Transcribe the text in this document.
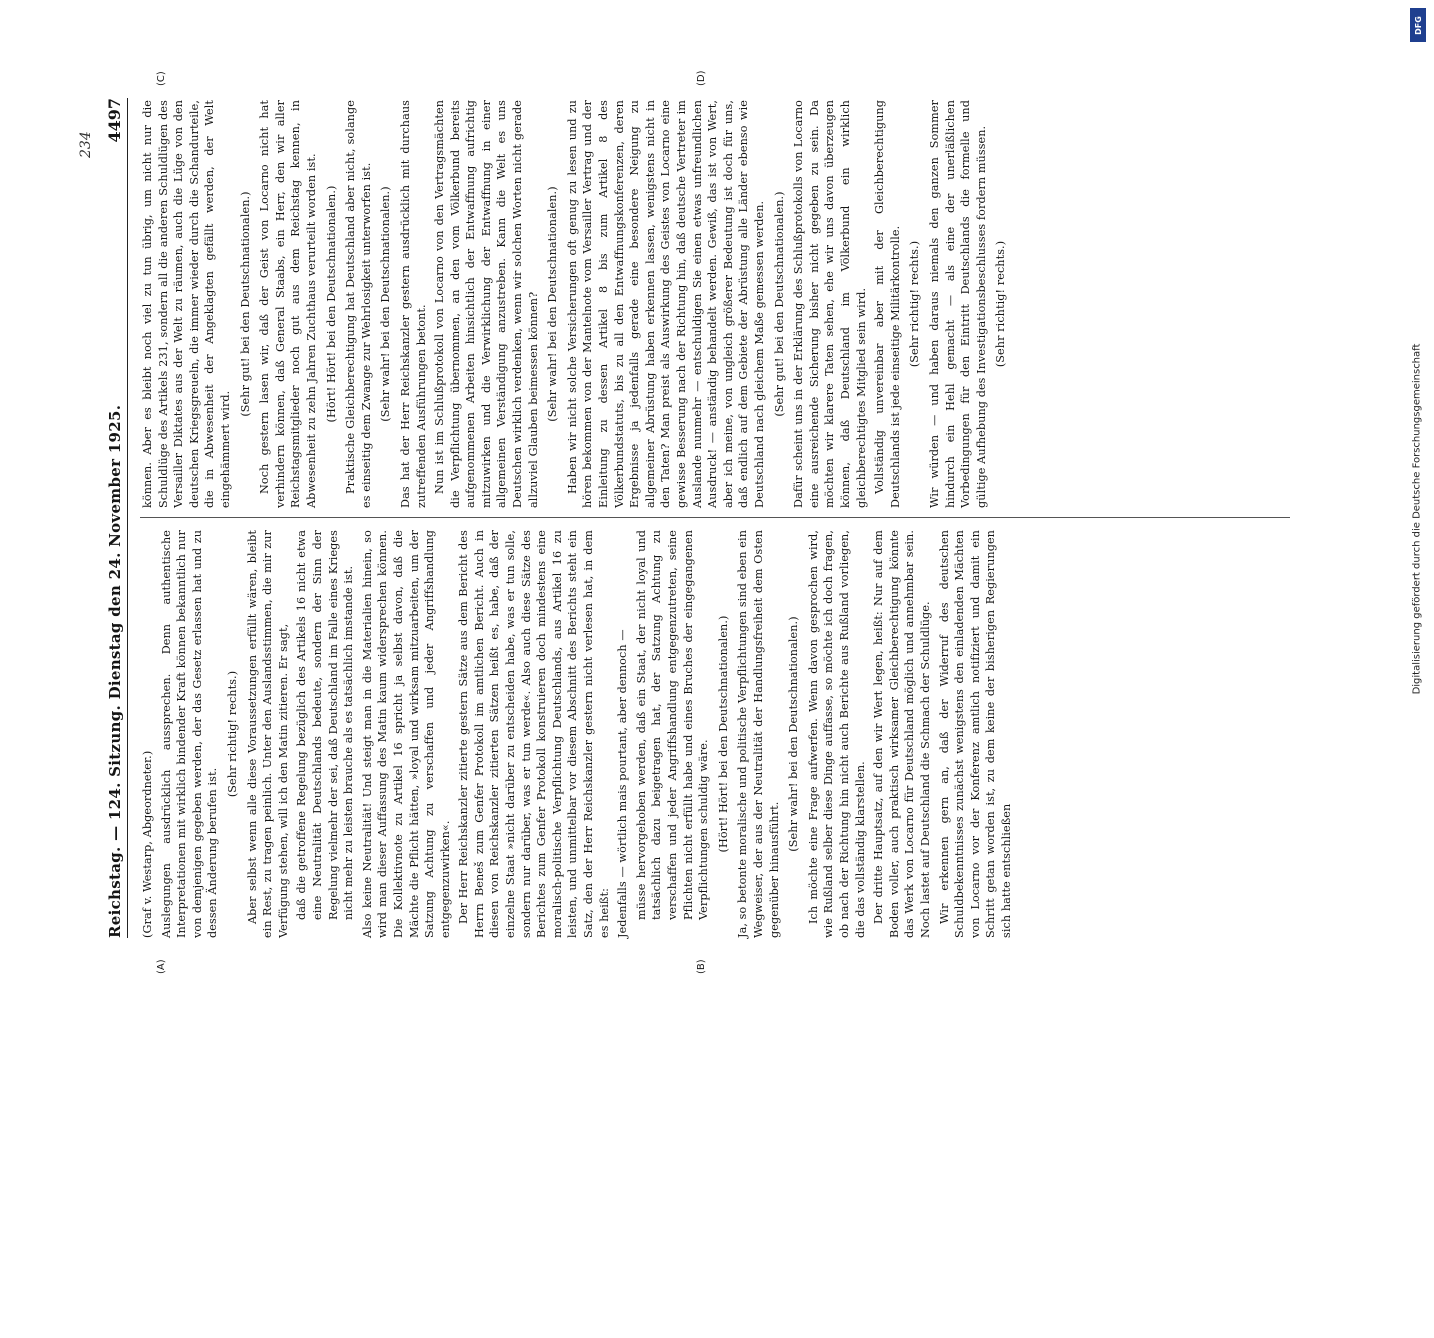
Reichstag. — 124. Sitzung. Dienstag den 24. November 1925.
4497
234
(A)	(B)
(C)	(D)

(Graf v. Westarp, Abgeordneter.) Auslegungen ausdrücklich aussprechen. Denn authentische Interpretationen mit wirklich bindender Kraft können bekanntlich nur von demjenigen gegeben werden, der das Gesetz erlassen hat und zu dessen Änderung berufen ist.

(Sehr richtig! rechts.) Aber selbst wenn alle diese Voraussetzungen erfüllt wären, bleibt ein Rest, zu tragen peinlich. Unter den Auslandsstimmen, die mir zur Verfügung stehen, will ich den Matin zitieren. Er sagt, daß die getroffene Regelung bezüglich des Artikels 16 nicht etwa eine Neutralität Deutschlands bedeute, sondern der Sinn der Regelung vielmehr der sei, daß Deutschland im Falle eines Krieges nicht mehr zu leisten brauche als es tatsächlich imstande ist. Also keine Neutralität! Und steigt man in die Materialien hinein, so wird man dieser Auffassung des Matin kaum widersprechen können. Die Kollektivnote zu Artikel 16 spricht ja selbst davon, daß die Mächte die Pflicht hätten, »loyal und wirksam mitzuarbeiten, um der Satzung Achtung zu verschaffen und jeder Angriffshandlung entgegenzuwirken«. Der Herr Reichskanzler zitierte gestern Sätze aus dem Bericht des Herrn Beneš zum Genfer Protokoll im amtlichen Bericht. Auch in diesen von Reichskanzler zitierten Sätzen heißt es, habe, daß der einzelne Staat »nicht darüber zu entscheiden habe, was er tun solle, sondern nur darüber, was er tun werde«. Also auch diese Sätze des Berichtes zum Genfer Protokoll konstruieren doch mindestens eine moralisch-politische Verpflichtung Deutschlands, aus Artikel 16 zu leisten, und unmittelbar vor diesem Abschnitt des Berichts steht ein Satz, den der Herr Reichskanzler gestern nicht verlesen hat, in dem es heißt: Jedenfalls — wörtlich mais pourtant, aber dennoch — müsse hervorgehoben werden, daß ein Staat, der nicht loyal und tatsächlich dazu beigetragen hat, der Satzung Achtung zu verschaffen und jeder Angriffshandlung entgegenzutreten, seine Pflichten nicht erfüllt habe und eines Bruches der eingegangenen Verpflichtungen schuldig wäre. (Hört! Hört! bei den Deutschnationalen.) Ja, so betonte moralische und politische Verpflichtungen sind eben ein Wegweiser, der aus der Neutralität der Handlungsfreiheit dem Osten gegenüber hinausführt.

(Sehr wahr! bei den Deutschnationalen.) Ich möchte eine Frage aufwerfen. Wenn davon gesprochen wird, wie Rußland selber diese Dinge auffasse, so möchte ich doch fragen, ob nach der Richtung hin nicht auch Berichte aus Rußland vorliegen, die das vollständig klarstellen. Der dritte Hauptsatz, auf den wir Wert legen, heißt: Nur auf dem Boden voller, auch praktisch wirksamer Gleichberechtigung könnte das Werk von Locarno für Deutschland möglich und annehmbar sein. Noch lastet auf Deutschland die Schmach der Schuldlüge. Wir erkennen gern an, daß der Widerruf des deutschen Schuldbekenntnisses zunächst wenigstens den einladenden Mächten von Locarno vor der Konferenz amtlich notifiziert und damit ein Schritt getan worden ist, zu dem keine der bisherigen Regierungen sich hatte entschließen

können. Aber es bleibt noch viel zu tun übrig, um nicht nur die Schuldlüge des Artikels 231, sondern all die anderen Schuldlügen des Versailler Diktates aus der Welt zu räumen, auch die Lüge von den deutschen Kriegsgreueln, die immer wieder durch die Schandurteile, die in Abwesenheit der Angeklagten gefällt werden, der Welt eingehämmert wird.

(Sehr gut! bei den Deutschnationalen.) Noch gestern lasen wir, daß der Geist von Locarno nicht hat verhindern können, daß General Staabs, ein Herr, den wir aller Reichstagsmitglieder noch gut aus dem Reichstag kennen, in Abwesenheit zu zehn Jahren Zuchthaus verurteilt worden ist. (Hört! Hört! bei den Deutschnationalen.) Praktische Gleichberechtigung hat Deutschland aber nicht, solange es einseitig dem Zwange zur Wehrlosigkeit unterworfen ist. (Sehr wahr! bei den Deutschnationalen.) Das hat der Herr Reichskanzler gestern ausdrücklich mit durchaus zutreffenden Ausführungen betont. Nun ist im Schlußprotokoll von Locarno von den Vertragsmächten die Verpflichtung übernommen, an den vom Völkerbund bereits aufgenommenen Arbeiten hinsichtlich der Entwaffnung aufrichtig mitzuwirken und die Verwirklichung der Entwaffnung in einer allgemeinen Verständigung anzustreben. Kann die Welt es uns Deutschen wirklich verdenken, wenn wir solchen Worten nicht gerade allzuviel Glauben beimessen können? (Sehr wahr! bei den Deutschnationalen.) Haben wir nicht solche Versicherungen oft genug zu lesen und zu hören bekommen von der Mantelnote vom Versailler Vertrag und der Einleitung zu dessen Artikel 8 bis zum Artikel 8 des Völkerbundstatuts, bis zu all den Entwaffnungskonferenzen, deren Ergebnisse ja jedenfalls gerade eine besondere Neigung zu allgemeiner Abrüstung haben erkennen lassen, wenigstens nicht in den Taten? Man preist als Auswirkung des Geistes von Locarno eine gewisse Besserung nach der Richtung hin, daß deutsche Vertreter im Auslande nunmehr — entschuldigen Sie einen etwas unfreundlichen Ausdruck! — anständig behandelt werden. Gewiß, das ist von Wert, aber ich meine, von ungleich größerer Bedeutung ist doch für uns, daß endlich auf dem Gebiete der Abrüstung alle Länder ebenso wie Deutschland nach gleichem Maße gemessen werden. (Sehr gut! bei den Deutschnationalen.) Dafür scheint uns in der Erklärung des Schlußprotokolls von Locarno eine ausreichende Sicherung bisher nicht gegeben zu sein. Da möchten wir klarere Taten sehen, ehe wir uns davon überzeugen können, daß Deutschland im Völkerbund ein wirklich gleichberechtigtes Mitglied sein wird. Vollständig unvereinbar aber mit der Gleichberechtigung Deutschlands ist jede einseitige Militärkontrolle. (Sehr richtig! rechts.) Wir würden — und haben daraus niemals den ganzen Sommer hindurch ein Hehl gemacht — als eine der unerläßlichen Vorbedingungen für den Eintritt Deutschlands die formelle und gültige Aufhebung des Investigationsbeschlusses fordern müssen. (Sehr richtig! rechts.)

DFG
Digitalisierung gefördert durch die Deutsche Forschungsgemeinschaft
